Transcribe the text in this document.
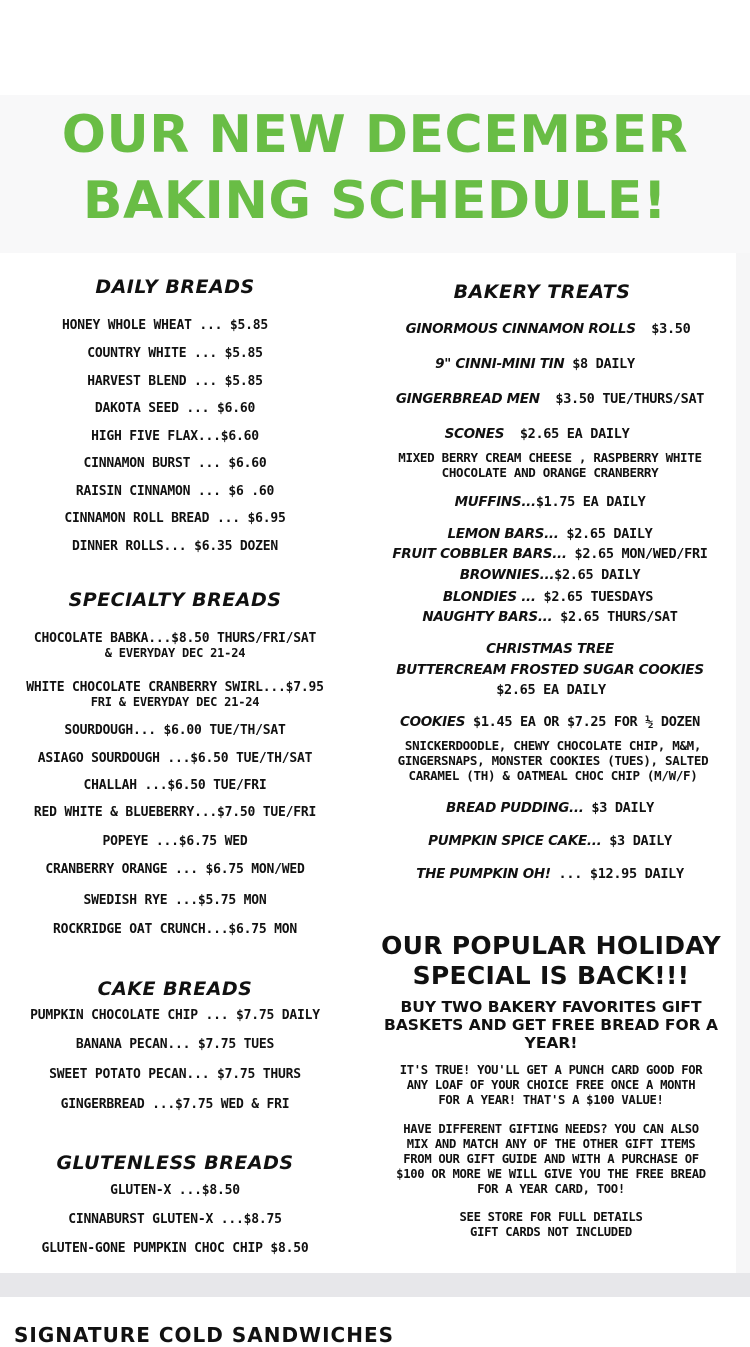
OUR NEW DECEMBER
BAKING SCHEDULE!
DAILY BREADS
HONEY WHOLE WHEAT ... $5.85
COUNTRY WHITE ... $5.85
HARVEST BLEND ... $5.85
DAKOTA SEED ... $6.60
HIGH FIVE FLAX...$6.60
CINNAMON BURST ... $6.60
RAISIN CINNAMON ... $6 .60
CINNAMON ROLL BREAD ... $6.95
DINNER ROLLS... $6.35 DOZEN
SPECIALTY BREADS
CHOCOLATE BABKA...$8.50 THURS/FRI/SAT
& EVERYDAY DEC 21-24
WHITE CHOCOLATE CRANBERRY SWIRL...$7.95
FRI & EVERYDAY DEC 21-24
SOURDOUGH... $6.00 TUE/TH/SAT
ASIAGO SOURDOUGH ...$6.50 TUE/TH/SAT
CHALLAH ...$6.50 TUE/FRI
RED WHITE & BLUEBERRY...$7.50 TUE/FRI
POPEYE ...$6.75 WED
CRANBERRY ORANGE ... $6.75 MON/WED
SWEDISH RYE ...$5.75 MON
ROCKRIDGE OAT CRUNCH...$6.75 MON
CAKE BREADS
PUMPKIN CHOCOLATE CHIP ... $7.75 DAILY
BANANA PECAN... $7.75 TUES
SWEET POTATO PECAN... $7.75 THURS
GINGERBREAD ...$7.75 WED & FRI
GLUTENLESS BREADS
GLUTEN-X ...$8.50
CINNABURST GLUTEN-X ...$8.75
GLUTEN-GONE PUMPKIN CHOC CHIP $8.50
BAKERY TREATS
GINORMOUS CINNAMON ROLLS $3.50
9" CINNI-MINI TIN $8 DAILY
GINGERBREAD MEN $3.50 TUE/THURS/SAT
SCONES $2.65 EA DAILY
MIXED BERRY CREAM CHEESE , RASPBERRY WHITE
CHOCOLATE AND ORANGE CRANBERRY
MUFFINS...$1.75 EA DAILY
LEMON BARS... $2.65 DAILY
FRUIT COBBLER BARS... $2.65 MON/WED/FRI
BROWNIES...$2.65 DAILY
BLONDIES ... $2.65 TUESDAYS
NAUGHTY BARS... $2.65 THURS/SAT
CHRISTMAS TREE
BUTTERCREAM FROSTED SUGAR COOKIES
$2.65 EA DAILY
COOKIES $1.45 EA OR $7.25 FOR ½ DOZEN
SNICKERDOODLE, CHEWY CHOCOLATE CHIP, M&M,
GINGERSNAPS, MONSTER COOKIES (TUES), SALTED
CARAMEL (TH) & OATMEAL CHOC CHIP (M/W/F)
BREAD PUDDING... $3 DAILY
PUMPKIN SPICE CAKE... $3 DAILY
THE PUMPKIN OH! ... $12.95 DAILY
OUR POPULAR HOLIDAY
SPECIAL IS BACK!!!
BUY TWO BAKERY FAVORITES GIFT
BASKETS AND GET FREE BREAD FOR A
YEAR!
IT'S TRUE! YOU'LL GET A PUNCH CARD GOOD FOR
ANY LOAF OF YOUR CHOICE FREE ONCE A MONTH
FOR A YEAR! THAT'S A $100 VALUE!
HAVE DIFFERENT GIFTING NEEDS? YOU CAN ALSO
MIX AND MATCH ANY OF THE OTHER GIFT ITEMS
FROM OUR GIFT GUIDE AND WITH A PURCHASE OF
$100 OR MORE WE WILL GIVE YOU THE FREE BREAD
FOR A YEAR CARD, TOO!
SEE STORE FOR FULL DETAILS
GIFT CARDS NOT INCLUDED
SIGNATURE COLD SANDWICHES
